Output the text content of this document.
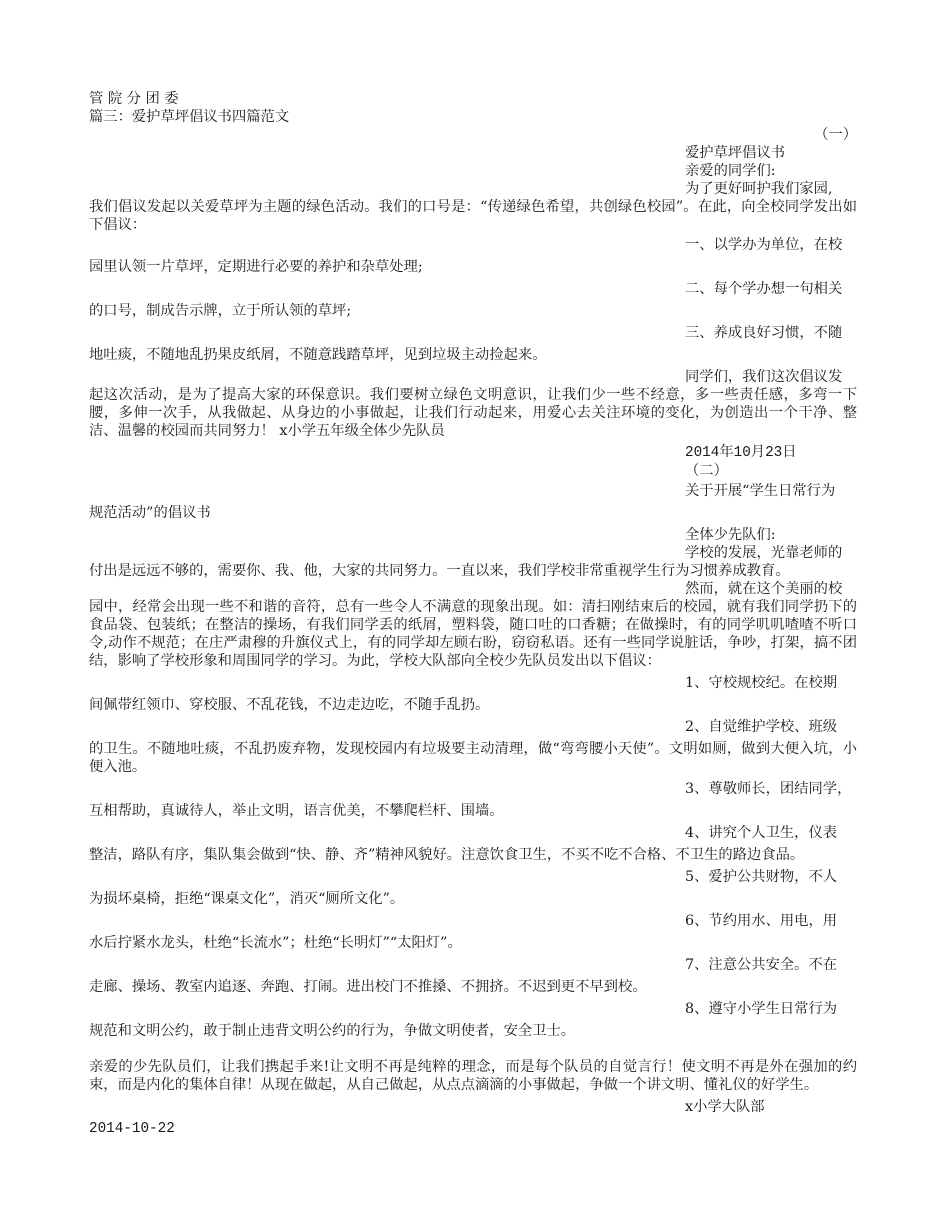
管 院 分 团 委
篇三：爱护草坪倡议书四篇范文
（一）
爱护草坪倡议书
亲爱的同学们:
为了更好呵护我们家园,
我们倡议发起以关爱草坪为主题的绿色活动。我们的口号是：“传递绿色希望，共创绿色校园”。在此，向全校同学发出如下倡议：
一、以学办为单位，在校
园里认领一片草坪，定期进行必要的养护和杂草处理;
二、每个学办想一句相关
的口号，制成告示牌，立于所认领的草坪;
三、养成良好习惯，不随
地吐痰，不随地乱扔果皮纸屑，不随意践踏草坪，见到垃圾主动捡起来。
同学们，我们这次倡议发
起这次活动，是为了提高大家的环保意识。我们要树立绿色文明意识，让我们少一些不经意，多一些责任感，多弯一下腰，多伸一次手，从我做起、从身边的小事做起，让我们行动起来，用爱心去关注环境的变化，为创造出一个干净、整洁、温馨的校园而共同努力！ x小学五年级全体少先队员
2014年10月23日
（二）
关于开展“学生日常行为
规范活动”的倡议书
全体少先队们:
学校的发展，光靠老师的
付出是远远不够的，需要你、我、他，大家的共同努力。一直以来，我们学校非常重视学生行为习惯养成教育。
然而，就在这个美丽的校
园中，经常会出现一些不和谐的音符，总有一些令人不满意的现象出现。如：清扫刚结束后的校园，就有我们同学扔下的食品袋、包装纸；在整洁的操场，有我们同学丢的纸屑，塑料袋，随口吐的口香糖；在做操时，有的同学叽叽喳喳不听口令,动作不规范；在庄严肃穆的升旗仪式上，有的同学却左顾右盼，窃窃私语。还有一些同学说脏话，争吵，打架，搞不团结，影响了学校形象和周围同学的学习。为此，学校大队部向全校少先队员发出以下倡议：
1、守校规校纪。在校期
间佩带红领巾、穿校服、不乱花钱，不边走边吃，不随手乱扔。
2、自觉维护学校、班级
的卫生。不随地吐痰，不乱扔废弃物，发现校园内有垃圾要主动清理，做“弯弯腰小天使”。文明如厕，做到大便入坑，小便入池。
3、尊敬师长，团结同学，
互相帮助，真诚待人，举止文明，语言优美，不攀爬栏杆、围墙。
4、讲究个人卫生，仪表
整洁，路队有序，集队集会做到“快、静、齐”精神风貌好。注意饮食卫生，不买不吃不合格、不卫生的路边食品。
5、爱护公共财物，不人
为损坏桌椅，拒绝“课桌文化”，消灭“厕所文化”。
6、节约用水、用电，用
水后拧紧水龙头，杜绝“长流水”；杜绝“长明灯”“太阳灯”。
7、注意公共安全。不在
走廊、操场、教室内追逐、奔跑、打闹。进出校门不推搡、不拥挤。不迟到更不早到校。
8、遵守小学生日常行为
规范和文明公约，敢于制止违背文明公约的行为，争做文明使者，安全卫士。
亲爱的少先队员们，让我们携起手来!让文明不再是纯粹的理念，而是每个队员的自觉言行！使文明不再是外在强加的约束，而是内化的集体自律！从现在做起，从自己做起，从点点滴滴的小事做起，争做一个讲文明、懂礼仪的好学生。
x小学大队部
2014-10-22
